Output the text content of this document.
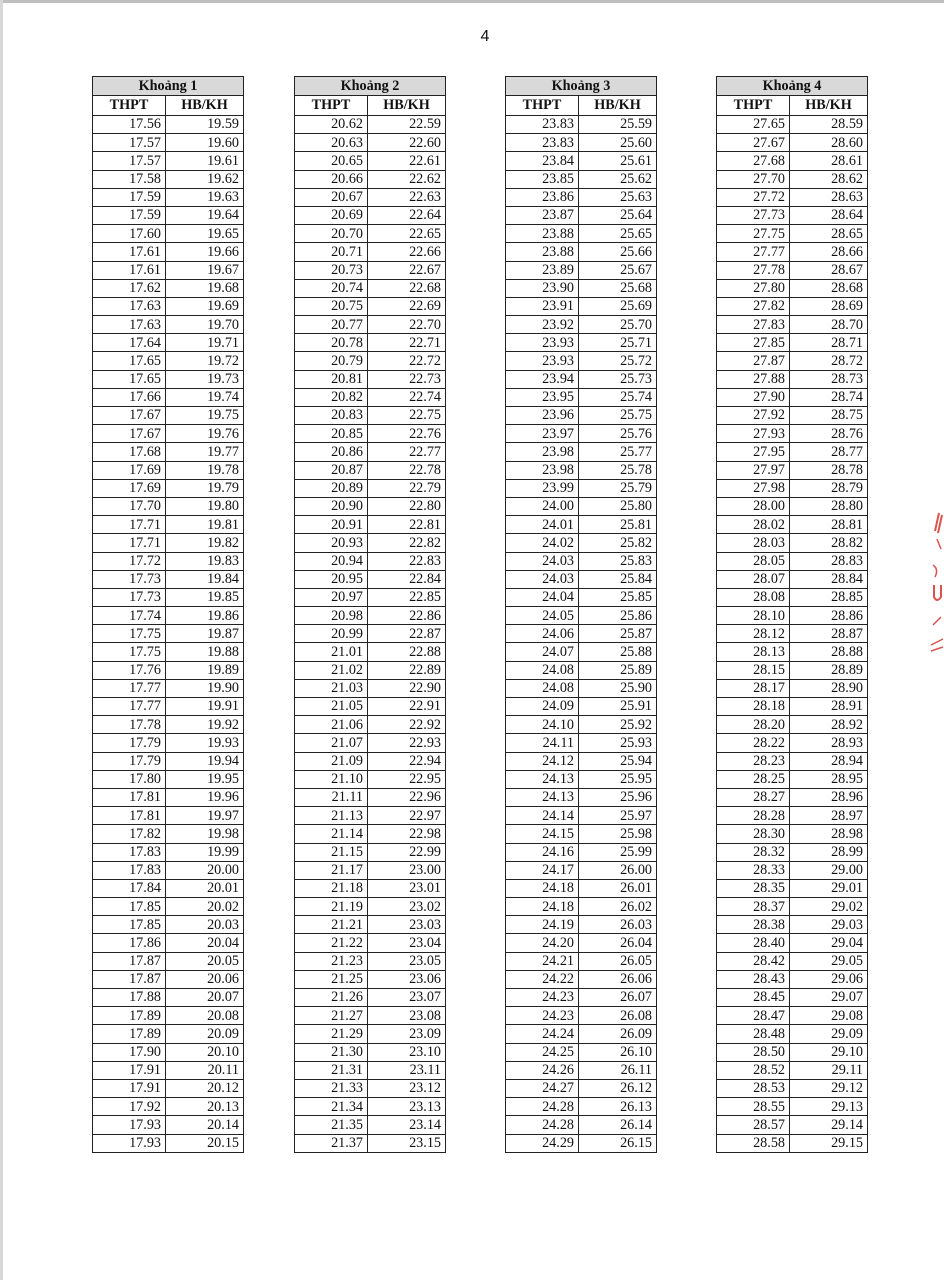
4
Khoảng 1	
THPT	HB/KH
17.56	19.59
17.57	19.60
17.57	19.61
17.58	19.62
17.59	19.63
17.59	19.64
17.60	19.65
17.61	19.66
17.61	19.67
17.62	19.68
17.63	19.69
17.63	19.70
17.64	19.71
17.65	19.72
17.65	19.73
17.66	19.74
17.67	19.75
17.67	19.76
17.68	19.77
17.69	19.78
17.69	19.79
17.70	19.80
17.71	19.81
17.71	19.82
17.72	19.83
17.73	19.84
17.73	19.85
17.74	19.86
17.75	19.87
17.75	19.88
17.76	19.89
17.77	19.90
17.77	19.91
17.78	19.92
17.79	19.93
17.79	19.94
17.80	19.95
17.81	19.96
17.81	19.97
17.82	19.98
17.83	19.99
17.83	20.00
17.84	20.01
17.85	20.02
17.85	20.03
17.86	20.04
17.87	20.05
17.87	20.06
17.88	20.07
17.89	20.08
17.89	20.09
17.90	20.10
17.91	20.11
17.91	20.12
17.92	20.13
17.93	20.14
17.93	20.15
Khoảng 2	
THPT	HB/KH
20.62	22.59
20.63	22.60
20.65	22.61
20.66	22.62
20.67	22.63
20.69	22.64
20.70	22.65
20.71	22.66
20.73	22.67
20.74	22.68
20.75	22.69
20.77	22.70
20.78	22.71
20.79	22.72
20.81	22.73
20.82	22.74
20.83	22.75
20.85	22.76
20.86	22.77
20.87	22.78
20.89	22.79
20.90	22.80
20.91	22.81
20.93	22.82
20.94	22.83
20.95	22.84
20.97	22.85
20.98	22.86
20.99	22.87
21.01	22.88
21.02	22.89
21.03	22.90
21.05	22.91
21.06	22.92
21.07	22.93
21.09	22.94
21.10	22.95
21.11	22.96
21.13	22.97
21.14	22.98
21.15	22.99
21.17	23.00
21.18	23.01
21.19	23.02
21.21	23.03
21.22	23.04
21.23	23.05
21.25	23.06
21.26	23.07
21.27	23.08
21.29	23.09
21.30	23.10
21.31	23.11
21.33	23.12
21.34	23.13
21.35	23.14
21.37	23.15
Khoảng 3	
THPT	HB/KH
23.83	25.59
23.83	25.60
23.84	25.61
23.85	25.62
23.86	25.63
23.87	25.64
23.88	25.65
23.88	25.66
23.89	25.67
23.90	25.68
23.91	25.69
23.92	25.70
23.93	25.71
23.93	25.72
23.94	25.73
23.95	25.74
23.96	25.75
23.97	25.76
23.98	25.77
23.98	25.78
23.99	25.79
24.00	25.80
24.01	25.81
24.02	25.82
24.03	25.83
24.03	25.84
24.04	25.85
24.05	25.86
24.06	25.87
24.07	25.88
24.08	25.89
24.08	25.90
24.09	25.91
24.10	25.92
24.11	25.93
24.12	25.94
24.13	25.95
24.13	25.96
24.14	25.97
24.15	25.98
24.16	25.99
24.17	26.00
24.18	26.01
24.18	26.02
24.19	26.03
24.20	26.04
24.21	26.05
24.22	26.06
24.23	26.07
24.23	26.08
24.24	26.09
24.25	26.10
24.26	26.11
24.27	26.12
24.28	26.13
24.28	26.14
24.29	26.15
Khoảng 4	
THPT	HB/KH
27.65	28.59
27.67	28.60
27.68	28.61
27.70	28.62
27.72	28.63
27.73	28.64
27.75	28.65
27.77	28.66
27.78	28.67
27.80	28.68
27.82	28.69
27.83	28.70
27.85	28.71
27.87	28.72
27.88	28.73
27.90	28.74
27.92	28.75
27.93	28.76
27.95	28.77
27.97	28.78
27.98	28.79
28.00	28.80
28.02	28.81
28.03	28.82
28.05	28.83
28.07	28.84
28.08	28.85
28.10	28.86
28.12	28.87
28.13	28.88
28.15	28.89
28.17	28.90
28.18	28.91
28.20	28.92
28.22	28.93
28.23	28.94
28.25	28.95
28.27	28.96
28.28	28.97
28.30	28.98
28.32	28.99
28.33	29.00
28.35	29.01
28.37	29.02
28.38	29.03
28.40	29.04
28.42	29.05
28.43	29.06
28.45	29.07
28.47	29.08
28.48	29.09
28.50	29.10
28.52	29.11
28.53	29.12
28.55	29.13
28.57	29.14
28.58	29.15
